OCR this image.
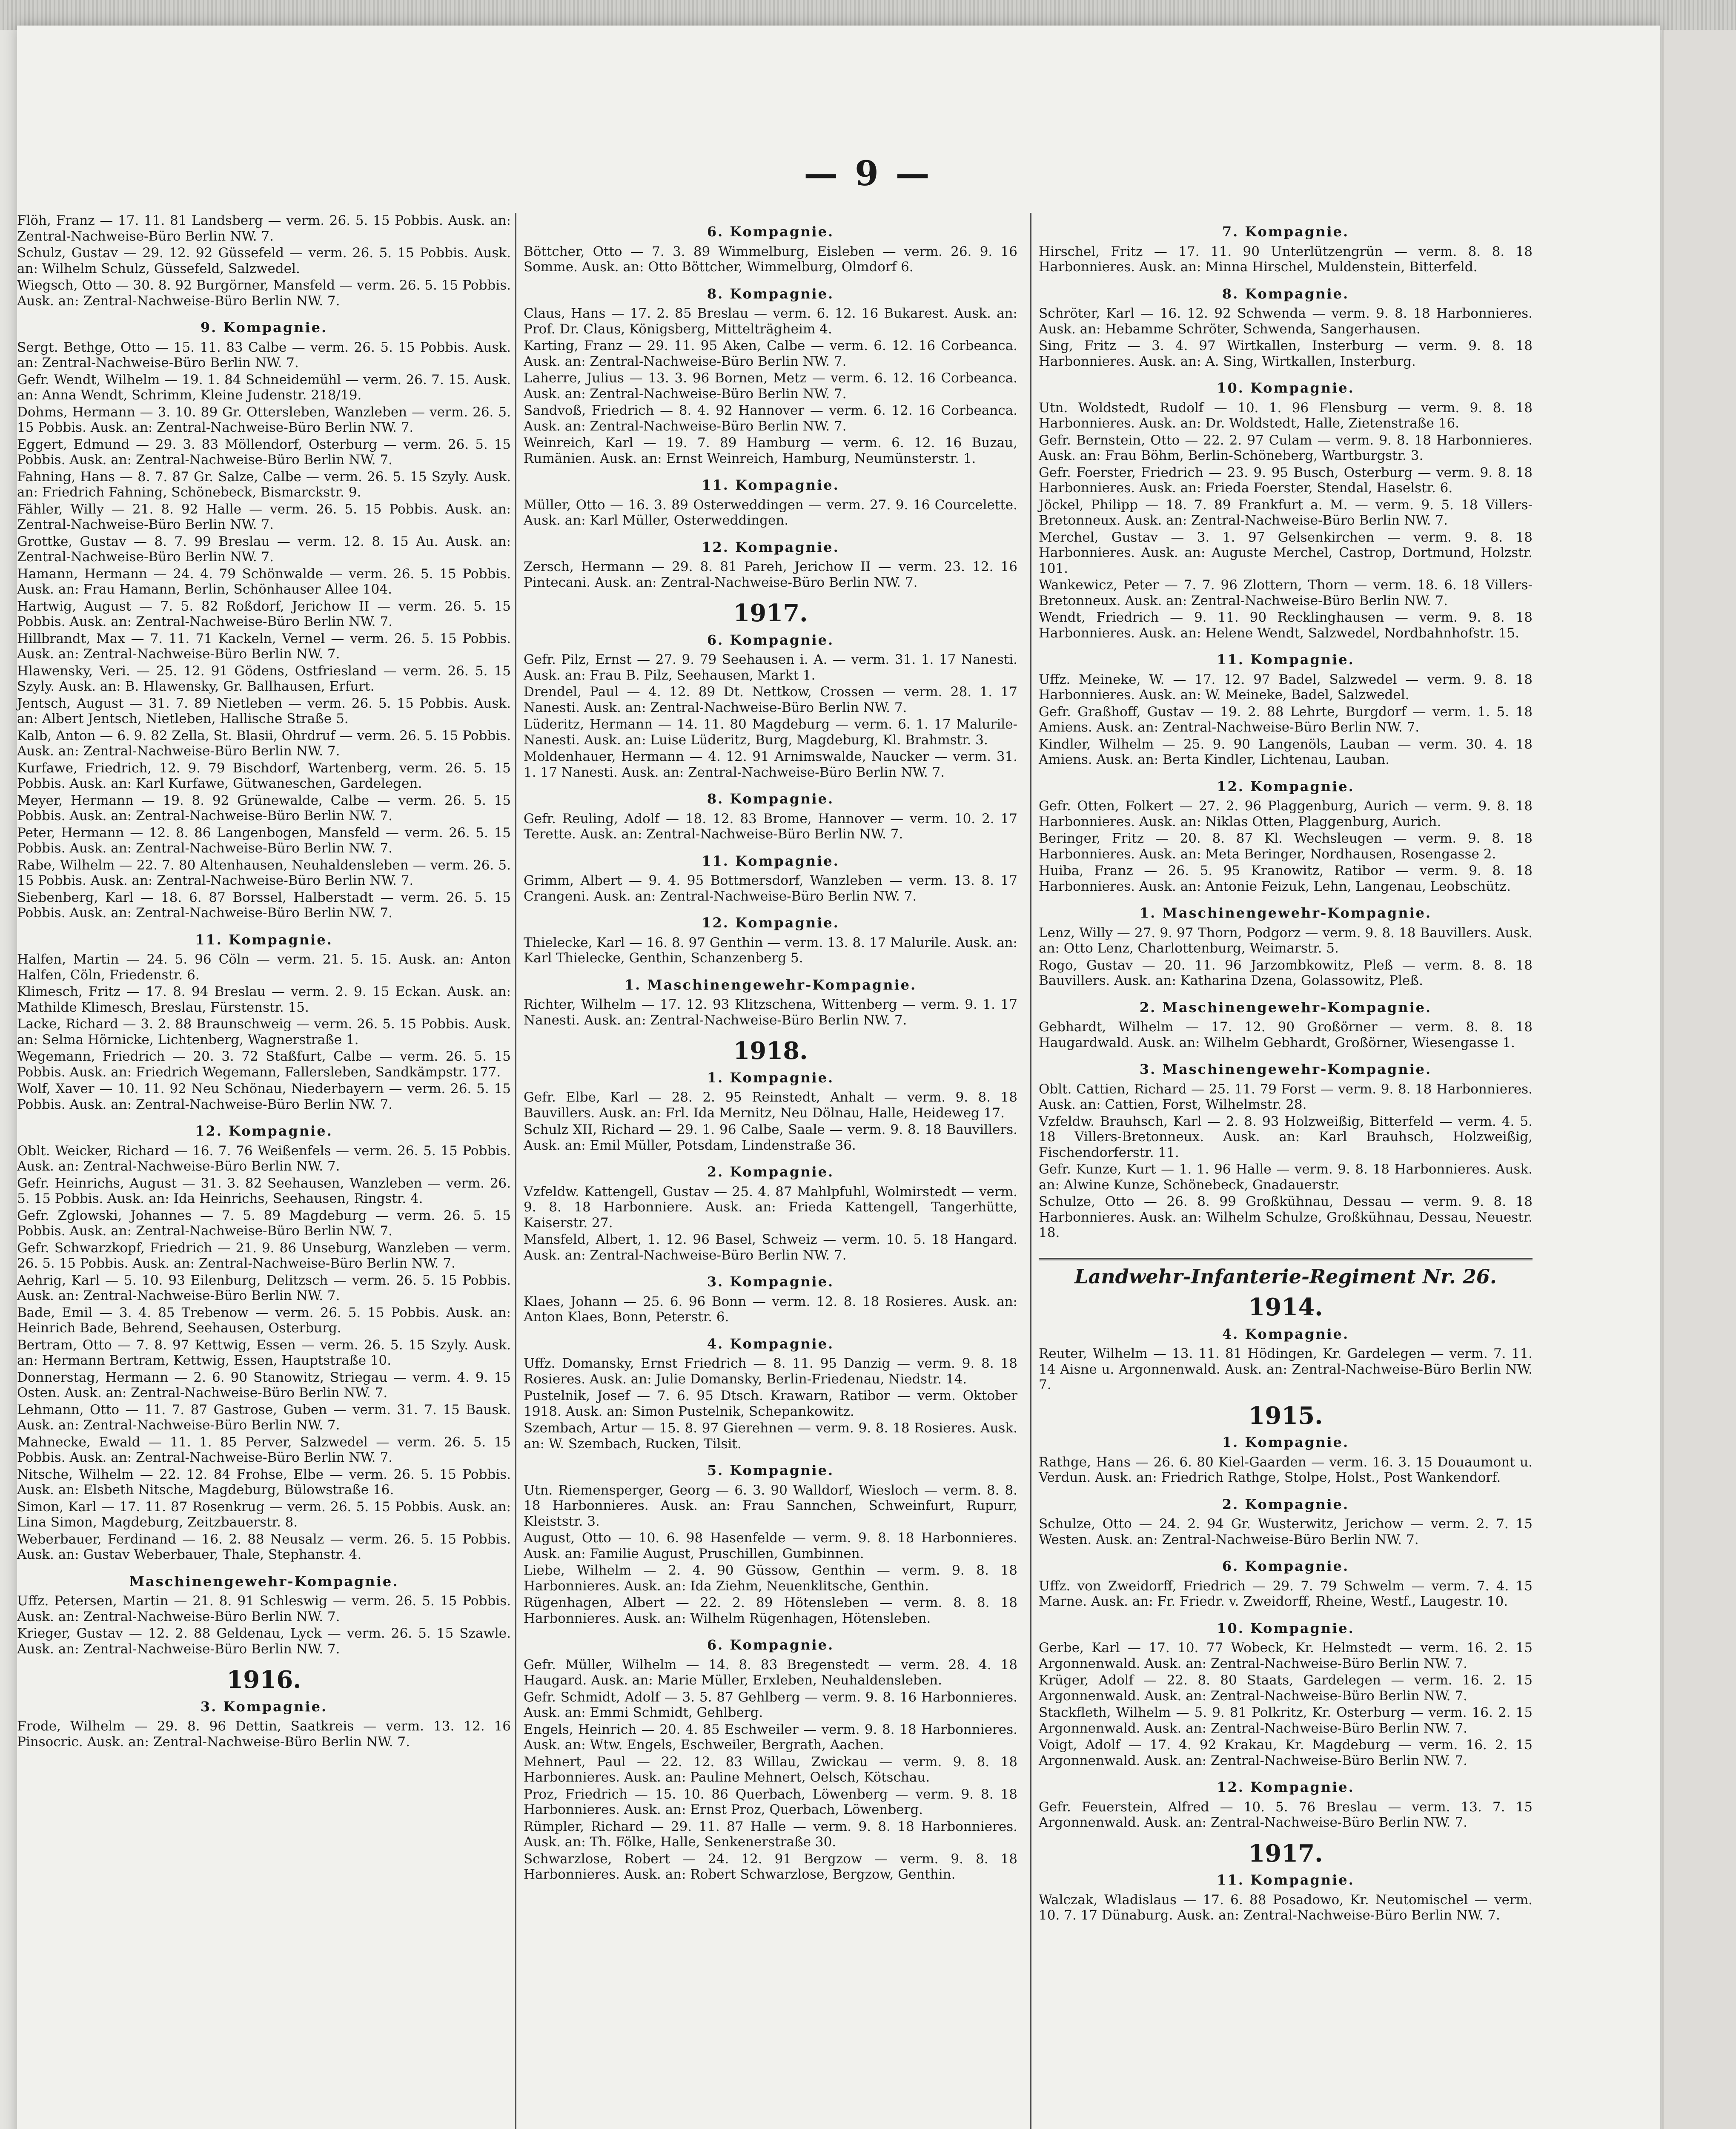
— 9 —
Flöh, Franz — 17. 11. 81 Landsberg — verm. 26. 5. 15 Pobbis. Ausk. an: Zentral-Nachweise-Büro Berlin NW. 7.
Schulz, Gustav — 29. 12. 92 Güssefeld — verm. 26. 5. 15 Pobbis. Ausk. an: Wilhelm Schulz, Güssefeld, Salzwedel.
Wiegsch, Otto — 30. 8. 92 Burgörner, Mansfeld — verm. 26. 5. 15 Pobbis. Ausk. an: Zentral-Nachweise-Büro Berlin NW. 7.
9. Kompagnie.
Sergt. Bethge, Otto — 15. 11. 83 Calbe — verm. 26. 5. 15 Pobbis. Ausk. an: Zentral-Nachweise-Büro Berlin NW. 7.
Gefr. Wendt, Wilhelm — 19. 1. 84 Schneidemühl — verm. 26. 7. 15. Ausk. an: Anna Wendt, Schrimm, Kleine Judenstr. 218/19.
Dohms, Hermann — 3. 10. 89 Gr. Ottersleben, Wanzleben — verm. 26. 5. 15 Pobbis. Ausk. an: Zentral-Nachweise-Büro Berlin NW. 7.
Eggert, Edmund — 29. 3. 83 Möllendorf, Osterburg — verm. 26. 5. 15 Pobbis. Ausk. an: Zentral-Nachweise-Büro Berlin NW. 7.
Fahning, Hans — 8. 7. 87 Gr. Salze, Calbe — verm. 26. 5. 15 Szyly. Ausk. an: Friedrich Fahning, Schönebeck, Bismarckstr. 9.
Fähler, Willy — 21. 8. 92 Halle — verm. 26. 5. 15 Pobbis. Ausk. an: Zentral-Nachweise-Büro Berlin NW. 7.
Grottke, Gustav — 8. 7. 99 Breslau — verm. 12. 8. 15 Au. Ausk. an: Zentral-Nachweise-Büro Berlin NW. 7.
Hamann, Hermann — 24. 4. 79 Schönwalde — verm. 26. 5. 15 Pobbis. Ausk. an: Frau Hamann, Berlin, Schönhauser Allee 104.
Hartwig, August — 7. 5. 82 Roßdorf, Jerichow II — verm. 26. 5. 15 Pobbis. Ausk. an: Zentral-Nachweise-Büro Berlin NW. 7.
Hillbrandt, Max — 7. 11. 71 Kackeln, Vernel — verm. 26. 5. 15 Pobbis. Ausk. an: Zentral-Nachweise-Büro Berlin NW. 7.
Hlawensky, Veri. — 25. 12. 91 Gödens, Ostfriesland — verm. 26. 5. 15 Szyly. Ausk. an: B. Hlawensky, Gr. Ballhausen, Erfurt.
Jentsch, August — 31. 7. 89 Nietleben — verm. 26. 5. 15 Pobbis. Ausk. an: Albert Jentsch, Nietleben, Hallische Straße 5.
Kalb, Anton — 6. 9. 82 Zella, St. Blasii, Ohrdruf — verm. 26. 5. 15 Pobbis. Ausk. an: Zentral-Nachweise-Büro Berlin NW. 7.
Kurfawe, Friedrich, 12. 9. 79 Bischdorf, Wartenberg, verm. 26. 5. 15 Pobbis. Ausk. an: Karl Kurfawe, Gütwaneschen, Gardelegen.
Meyer, Hermann — 19. 8. 92 Grünewalde, Calbe — verm. 26. 5. 15 Pobbis. Ausk. an: Zentral-Nachweise-Büro Berlin NW. 7.
Peter, Hermann — 12. 8. 86 Langenbogen, Mansfeld — verm. 26. 5. 15 Pobbis. Ausk. an: Zentral-Nachweise-Büro Berlin NW. 7.
Rabe, Wilhelm — 22. 7. 80 Altenhausen, Neuhaldensleben — verm. 26. 5. 15 Pobbis. Ausk. an: Zentral-Nachweise-Büro Berlin NW. 7.
Siebenberg, Karl — 18. 6. 87 Borssel, Halberstadt — verm. 26. 5. 15 Pobbis. Ausk. an: Zentral-Nachweise-Büro Berlin NW. 7.
11. Kompagnie.
Halfen, Martin — 24. 5. 96 Cöln — verm. 21. 5. 15. Ausk. an: Anton Halfen, Cöln, Friedenstr. 6.
Klimesch, Fritz — 17. 8. 94 Breslau — verm. 2. 9. 15 Eckan. Ausk. an: Mathilde Klimesch, Breslau, Fürstenstr. 15.
Lacke, Richard — 3. 2. 88 Braunschweig — verm. 26. 5. 15 Pobbis. Ausk. an: Selma Hörnicke, Lichtenberg, Wagnerstraße 1.
Wegemann, Friedrich — 20. 3. 72 Staßfurt, Calbe — verm. 26. 5. 15 Pobbis. Ausk. an: Friedrich Wegemann, Fallersleben, Sandkämpstr. 177.
Wolf, Xaver — 10. 11. 92 Neu Schönau, Niederbayern — verm. 26. 5. 15 Pobbis. Ausk. an: Zentral-Nachweise-Büro Berlin NW. 7.
12. Kompagnie.
Oblt. Weicker, Richard — 16. 7. 76 Weißenfels — verm. 26. 5. 15 Pobbis. Ausk. an: Zentral-Nachweise-Büro Berlin NW. 7.
Gefr. Heinrichs, August — 31. 3. 82 Seehausen, Wanzleben — verm. 26. 5. 15 Pobbis. Ausk. an: Ida Heinrichs, Seehausen, Ringstr. 4.
Gefr. Zglowski, Johannes — 7. 5. 89 Magdeburg — verm. 26. 5. 15 Pobbis. Ausk. an: Zentral-Nachweise-Büro Berlin NW. 7.
Gefr. Schwarzkopf, Friedrich — 21. 9. 86 Unseburg, Wanzleben — verm. 26. 5. 15 Pobbis. Ausk. an: Zentral-Nachweise-Büro Berlin NW. 7.
Aehrig, Karl — 5. 10. 93 Eilenburg, Delitzsch — verm. 26. 5. 15 Pobbis. Ausk. an: Zentral-Nachweise-Büro Berlin NW. 7.
Bade, Emil — 3. 4. 85 Trebenow — verm. 26. 5. 15 Pobbis. Ausk. an: Heinrich Bade, Behrend, Seehausen, Osterburg.
Bertram, Otto — 7. 8. 97 Kettwig, Essen — verm. 26. 5. 15 Szyly. Ausk. an: Hermann Bertram, Kettwig, Essen, Hauptstraße 10.
Donnerstag, Hermann — 2. 6. 90 Stanowitz, Striegau — verm. 4. 9. 15 Osten. Ausk. an: Zentral-Nachweise-Büro Berlin NW. 7.
Lehmann, Otto — 11. 7. 87 Gastrose, Guben — verm. 31. 7. 15 Bausk. Ausk. an: Zentral-Nachweise-Büro Berlin NW. 7.
Mahnecke, Ewald — 11. 1. 85 Perver, Salzwedel — verm. 26. 5. 15 Pobbis. Ausk. an: Zentral-Nachweise-Büro Berlin NW. 7.
Nitsche, Wilhelm — 22. 12. 84 Frohse, Elbe — verm. 26. 5. 15 Pobbis. Ausk. an: Elsbeth Nitsche, Magdeburg, Bülowstraße 16.
Simon, Karl — 17. 11. 87 Rosenkrug — verm. 26. 5. 15 Pobbis. Ausk. an: Lina Simon, Magdeburg, Zeitzbauerstr. 8.
Weberbauer, Ferdinand — 16. 2. 88 Neusalz — verm. 26. 5. 15 Pobbis. Ausk. an: Gustav Weberbauer, Thale, Stephanstr. 4.
Maschinengewehr-Kompagnie.
Uffz. Petersen, Martin — 21. 8. 91 Schleswig — verm. 26. 5. 15 Pobbis. Ausk. an: Zentral-Nachweise-Büro Berlin NW. 7.
Krieger, Gustav — 12. 2. 88 Geldenau, Lyck — verm. 26. 5. 15 Szawle. Ausk. an: Zentral-Nachweise-Büro Berlin NW. 7.
1916.
3. Kompagnie.
Frode, Wilhelm — 29. 8. 96 Dettin, Saatkreis — verm. 13. 12. 16 Pinsocric. Ausk. an: Zentral-Nachweise-Büro Berlin NW. 7.
6. Kompagnie.
Böttcher, Otto — 7. 3. 89 Wimmelburg, Eisleben — verm. 26. 9. 16 Somme. Ausk. an: Otto Böttcher, Wimmelburg, Olmdorf 6.
8. Kompagnie.
Claus, Hans — 17. 2. 85 Breslau — verm. 6. 12. 16 Bukarest. Ausk. an: Prof. Dr. Claus, Königsberg, Mittelträgheim 4.
Karting, Franz — 29. 11. 95 Aken, Calbe — verm. 6. 12. 16 Corbeanca. Ausk. an: Zentral-Nachweise-Büro Berlin NW. 7.
Laherre, Julius — 13. 3. 96 Bornen, Metz — verm. 6. 12. 16 Corbeanca. Ausk. an: Zentral-Nachweise-Büro Berlin NW. 7.
Sandvoß, Friedrich — 8. 4. 92 Hannover — verm. 6. 12. 16 Corbeanca. Ausk. an: Zentral-Nachweise-Büro Berlin NW. 7.
Weinreich, Karl — 19. 7. 89 Hamburg — verm. 6. 12. 16 Buzau, Rumänien. Ausk. an: Ernst Weinreich, Hamburg, Neumünsterstr. 1.
11. Kompagnie.
Müller, Otto — 16. 3. 89 Osterweddingen — verm. 27. 9. 16 Courcelette. Ausk. an: Karl Müller, Osterweddingen.
12. Kompagnie.
Zersch, Hermann — 29. 8. 81 Pareh, Jerichow II — verm. 23. 12. 16 Pintecani. Ausk. an: Zentral-Nachweise-Büro Berlin NW. 7.
1917.
6. Kompagnie.
Gefr. Pilz, Ernst — 27. 9. 79 Seehausen i. A. — verm. 31. 1. 17 Nanesti. Ausk. an: Frau B. Pilz, Seehausen, Markt 1.
Drendel, Paul — 4. 12. 89 Dt. Nettkow, Crossen — verm. 28. 1. 17 Nanesti. Ausk. an: Zentral-Nachweise-Büro Berlin NW. 7.
Lüderitz, Hermann — 14. 11. 80 Magdeburg — verm. 6. 1. 17 Malurile-Nanesti. Ausk. an: Luise Lüderitz, Burg, Magdeburg, Kl. Brahmstr. 3.
Moldenhauer, Hermann — 4. 12. 91 Arnimswalde, Naucker — verm. 31. 1. 17 Nanesti. Ausk. an: Zentral-Nachweise-Büro Berlin NW. 7.
8. Kompagnie.
Gefr. Reuling, Adolf — 18. 12. 83 Brome, Hannover — verm. 10. 2. 17 Terette. Ausk. an: Zentral-Nachweise-Büro Berlin NW. 7.
11. Kompagnie.
Grimm, Albert — 9. 4. 95 Bottmersdorf, Wanzleben — verm. 13. 8. 17 Crangeni. Ausk. an: Zentral-Nachweise-Büro Berlin NW. 7.
12. Kompagnie.
Thielecke, Karl — 16. 8. 97 Genthin — verm. 13. 8. 17 Malurile. Ausk. an: Karl Thielecke, Genthin, Schanzenberg 5.
1. Maschinengewehr-Kompagnie.
Richter, Wilhelm — 17. 12. 93 Klitzschena, Wittenberg — verm. 9. 1. 17 Nanesti. Ausk. an: Zentral-Nachweise-Büro Berlin NW. 7.
1918.
1. Kompagnie.
Gefr. Elbe, Karl — 28. 2. 95 Reinstedt, Anhalt — verm. 9. 8. 18 Bauvillers. Ausk. an: Frl. Ida Mernitz, Neu Dölnau, Halle, Heideweg 17.
Schulz XII, Richard — 29. 1. 96 Calbe, Saale — verm. 9. 8. 18 Bauvillers. Ausk. an: Emil Müller, Potsdam, Lindenstraße 36.
2. Kompagnie.
Vzfeldw. Kattengell, Gustav — 25. 4. 87 Mahlpfuhl, Wolmirstedt — verm. 9. 8. 18 Harbonniere. Ausk. an: Frieda Kattengell, Tangerhütte, Kaiserstr. 27.
Mansfeld, Albert, 1. 12. 96 Basel, Schweiz — verm. 10. 5. 18 Hangard. Ausk. an: Zentral-Nachweise-Büro Berlin NW. 7.
3. Kompagnie.
Klaes, Johann — 25. 6. 96 Bonn — verm. 12. 8. 18 Rosieres. Ausk. an: Anton Klaes, Bonn, Peterstr. 6.
4. Kompagnie.
Uffz. Domansky, Ernst Friedrich — 8. 11. 95 Danzig — verm. 9. 8. 18 Rosieres. Ausk. an: Julie Domansky, Berlin-Friedenau, Niedstr. 14.
Pustelnik, Josef — 7. 6. 95 Dtsch. Krawarn, Ratibor — verm. Oktober 1918. Ausk. an: Simon Pustelnik, Schepankowitz.
Szembach, Artur — 15. 8. 97 Gierehnen — verm. 9. 8. 18 Rosieres. Ausk. an: W. Szembach, Rucken, Tilsit.
5. Kompagnie.
Utn. Riemensperger, Georg — 6. 3. 90 Walldorf, Wiesloch — verm. 8. 8. 18 Harbonnieres. Ausk. an: Frau Sannchen, Schweinfurt, Rupurr, Kleiststr. 3.
August, Otto — 10. 6. 98 Hasenfelde — verm. 9. 8. 18 Harbonnieres. Ausk. an: Familie August, Pruschillen, Gumbinnen.
Liebe, Wilhelm — 2. 4. 90 Güssow, Genthin — verm. 9. 8. 18 Harbonnieres. Ausk. an: Ida Ziehm, Neuenklitsche, Genthin.
Rügenhagen, Albert — 22. 2. 89 Hötensleben — verm. 8. 8. 18 Harbonnieres. Ausk. an: Wilhelm Rügenhagen, Hötensleben.
6. Kompagnie.
Gefr. Müller, Wilhelm — 14. 8. 83 Bregenstedt — verm. 28. 4. 18 Haugard. Ausk. an: Marie Müller, Erxleben, Neuhaldensleben.
Gefr. Schmidt, Adolf — 3. 5. 87 Gehlberg — verm. 9. 8. 16 Harbonnieres. Ausk. an: Emmi Schmidt, Gehlberg.
Engels, Heinrich — 20. 4. 85 Eschweiler — verm. 9. 8. 18 Harbonnieres. Ausk. an: Wtw. Engels, Eschweiler, Bergrath, Aachen.
Mehnert, Paul — 22. 12. 83 Willau, Zwickau — verm. 9. 8. 18 Harbonnieres. Ausk. an: Pauline Mehnert, Oelsch, Kötschau.
Proz, Friedrich — 15. 10. 86 Querbach, Löwenberg — verm. 9. 8. 18 Harbonnieres. Ausk. an: Ernst Proz, Querbach, Löwenberg.
Rümpler, Richard — 29. 11. 87 Halle — verm. 9. 8. 18 Harbonnieres. Ausk. an: Th. Fölke, Halle, Senkenerstraße 30.
Schwarzlose, Robert — 24. 12. 91 Bergzow — verm. 9. 8. 18 Harbonnieres. Ausk. an: Robert Schwarzlose, Bergzow, Genthin.
7. Kompagnie.
Hirschel, Fritz — 17. 11. 90 Unterlützengrün — verm. 8. 8. 18 Harbonnieres. Ausk. an: Minna Hirschel, Muldenstein, Bitterfeld.
8. Kompagnie.
Schröter, Karl — 16. 12. 92 Schwenda — verm. 9. 8. 18 Harbonnieres. Ausk. an: Hebamme Schröter, Schwenda, Sangerhausen.
Sing, Fritz — 3. 4. 97 Wirtkallen, Insterburg — verm. 9. 8. 18 Harbonnieres. Ausk. an: A. Sing, Wirtkallen, Insterburg.
10. Kompagnie.
Utn. Woldstedt, Rudolf — 10. 1. 96 Flensburg — verm. 9. 8. 18 Harbonnieres. Ausk. an: Dr. Woldstedt, Halle, Zietenstraße 16.
Gefr. Bernstein, Otto — 22. 2. 97 Culam — verm. 9. 8. 18 Harbonnieres. Ausk. an: Frau Böhm, Berlin-Schöneberg, Wartburgstr. 3.
Gefr. Foerster, Friedrich — 23. 9. 95 Busch, Osterburg — verm. 9. 8. 18 Harbonnieres. Ausk. an: Frieda Foerster, Stendal, Haselstr. 6.
Jöckel, Philipp — 18. 7. 89 Frankfurt a. M. — verm. 9. 5. 18 Villers-Bretonneux. Ausk. an: Zentral-Nachweise-Büro Berlin NW. 7.
Merchel, Gustav — 3. 1. 97 Gelsenkirchen — verm. 9. 8. 18 Harbonnieres. Ausk. an: Auguste Merchel, Castrop, Dortmund, Holzstr. 101.
Wankewicz, Peter — 7. 7. 96 Zlottern, Thorn — verm. 18. 6. 18 Villers-Bretonneux. Ausk. an: Zentral-Nachweise-Büro Berlin NW. 7.
Wendt, Friedrich — 9. 11. 90 Recklinghausen — verm. 9. 8. 18 Harbonnieres. Ausk. an: Helene Wendt, Salzwedel, Nordbahnhofstr. 15.
11. Kompagnie.
Uffz. Meineke, W. — 17. 12. 97 Badel, Salzwedel — verm. 9. 8. 18 Harbonnieres. Ausk. an: W. Meineke, Badel, Salzwedel.
Gefr. Graßhoff, Gustav — 19. 2. 88 Lehrte, Burgdorf — verm. 1. 5. 18 Amiens. Ausk. an: Zentral-Nachweise-Büro Berlin NW. 7.
Kindler, Wilhelm — 25. 9. 90 Langenöls, Lauban — verm. 30. 4. 18 Amiens. Ausk. an: Berta Kindler, Lichtenau, Lauban.
12. Kompagnie.
Gefr. Otten, Folkert — 27. 2. 96 Plaggenburg, Aurich — verm. 9. 8. 18 Harbonnieres. Ausk. an: Niklas Otten, Plaggenburg, Aurich.
Beringer, Fritz — 20. 8. 87 Kl. Wechsleugen — verm. 9. 8. 18 Harbonnieres. Ausk. an: Meta Beringer, Nordhausen, Rosengasse 2.
Huiba, Franz — 26. 5. 95 Kranowitz, Ratibor — verm. 9. 8. 18 Harbonnieres. Ausk. an: Antonie Feizuk, Lehn, Langenau, Leobschütz.
1. Maschinengewehr-Kompagnie.
Lenz, Willy — 27. 9. 97 Thorn, Podgorz — verm. 9. 8. 18 Bauvillers. Ausk. an: Otto Lenz, Charlottenburg, Weimarstr. 5.
Rogo, Gustav — 20. 11. 96 Jarzombkowitz, Pleß — verm. 8. 8. 18 Bauvillers. Ausk. an: Katharina Dzena, Golassowitz, Pleß.
2. Maschinengewehr-Kompagnie.
Gebhardt, Wilhelm — 17. 12. 90 Großörner — verm. 8. 8. 18 Haugardwald. Ausk. an: Wilhelm Gebhardt, Großörner, Wiesengasse 1.
3. Maschinengewehr-Kompagnie.
Oblt. Cattien, Richard — 25. 11. 79 Forst — verm. 9. 8. 18 Harbonnieres. Ausk. an: Cattien, Forst, Wilhelmstr. 28.
Vzfeldw. Brauhsch, Karl — 2. 8. 93 Holzweißig, Bitterfeld — verm. 4. 5. 18 Villers-Bretonneux. Ausk. an: Karl Brauhsch, Holzweißig, Fischendorferstr. 11.
Gefr. Kunze, Kurt — 1. 1. 96 Halle — verm. 9. 8. 18 Harbonnieres. Ausk. an: Alwine Kunze, Schönebeck, Gnadauerstr.
Schulze, Otto — 26. 8. 99 Großkühnau, Dessau — verm. 9. 8. 18 Harbonnieres. Ausk. an: Wilhelm Schulze, Großkühnau, Dessau, Neuestr. 18.
Landwehr-Infanterie-Regiment Nr. 26.
1914.
4. Kompagnie.
Reuter, Wilhelm — 13. 11. 81 Hödingen, Kr. Gardelegen — verm. 7. 11. 14 Aisne u. Argonnenwald. Ausk. an: Zentral-Nachweise-Büro Berlin NW. 7.
1915.
1. Kompagnie.
Rathge, Hans — 26. 6. 80 Kiel-Gaarden — verm. 16. 3. 15 Douaumont u. Verdun. Ausk. an: Friedrich Rathge, Stolpe, Holst., Post Wankendorf.
2. Kompagnie.
Schulze, Otto — 24. 2. 94 Gr. Wusterwitz, Jerichow — verm. 2. 7. 15 Westen. Ausk. an: Zentral-Nachweise-Büro Berlin NW. 7.
6. Kompagnie.
Uffz. von Zweidorff, Friedrich — 29. 7. 79 Schwelm — verm. 7. 4. 15 Marne. Ausk. an: Fr. Friedr. v. Zweidorff, Rheine, Westf., Laugestr. 10.
10. Kompagnie.
Gerbe, Karl — 17. 10. 77 Wobeck, Kr. Helmstedt — verm. 16. 2. 15 Argonnenwald. Ausk. an: Zentral-Nachweise-Büro Berlin NW. 7.
Krüger, Adolf — 22. 8. 80 Staats, Gardelegen — verm. 16. 2. 15 Argonnenwald. Ausk. an: Zentral-Nachweise-Büro Berlin NW. 7.
Stackfleth, Wilhelm — 5. 9. 81 Polkritz, Kr. Osterburg — verm. 16. 2. 15 Argonnenwald. Ausk. an: Zentral-Nachweise-Büro Berlin NW. 7.
Voigt, Adolf — 17. 4. 92 Krakau, Kr. Magdeburg — verm. 16. 2. 15 Argonnenwald. Ausk. an: Zentral-Nachweise-Büro Berlin NW. 7.
12. Kompagnie.
Gefr. Feuerstein, Alfred — 10. 5. 76 Breslau — verm. 13. 7. 15 Argonnenwald. Ausk. an: Zentral-Nachweise-Büro Berlin NW. 7.
1917.
11. Kompagnie.
Walczak, Wladislaus — 17. 6. 88 Posadowo, Kr. Neutomischel — verm. 10. 7. 17 Dünaburg. Ausk. an: Zentral-Nachweise-Büro Berlin NW. 7.
